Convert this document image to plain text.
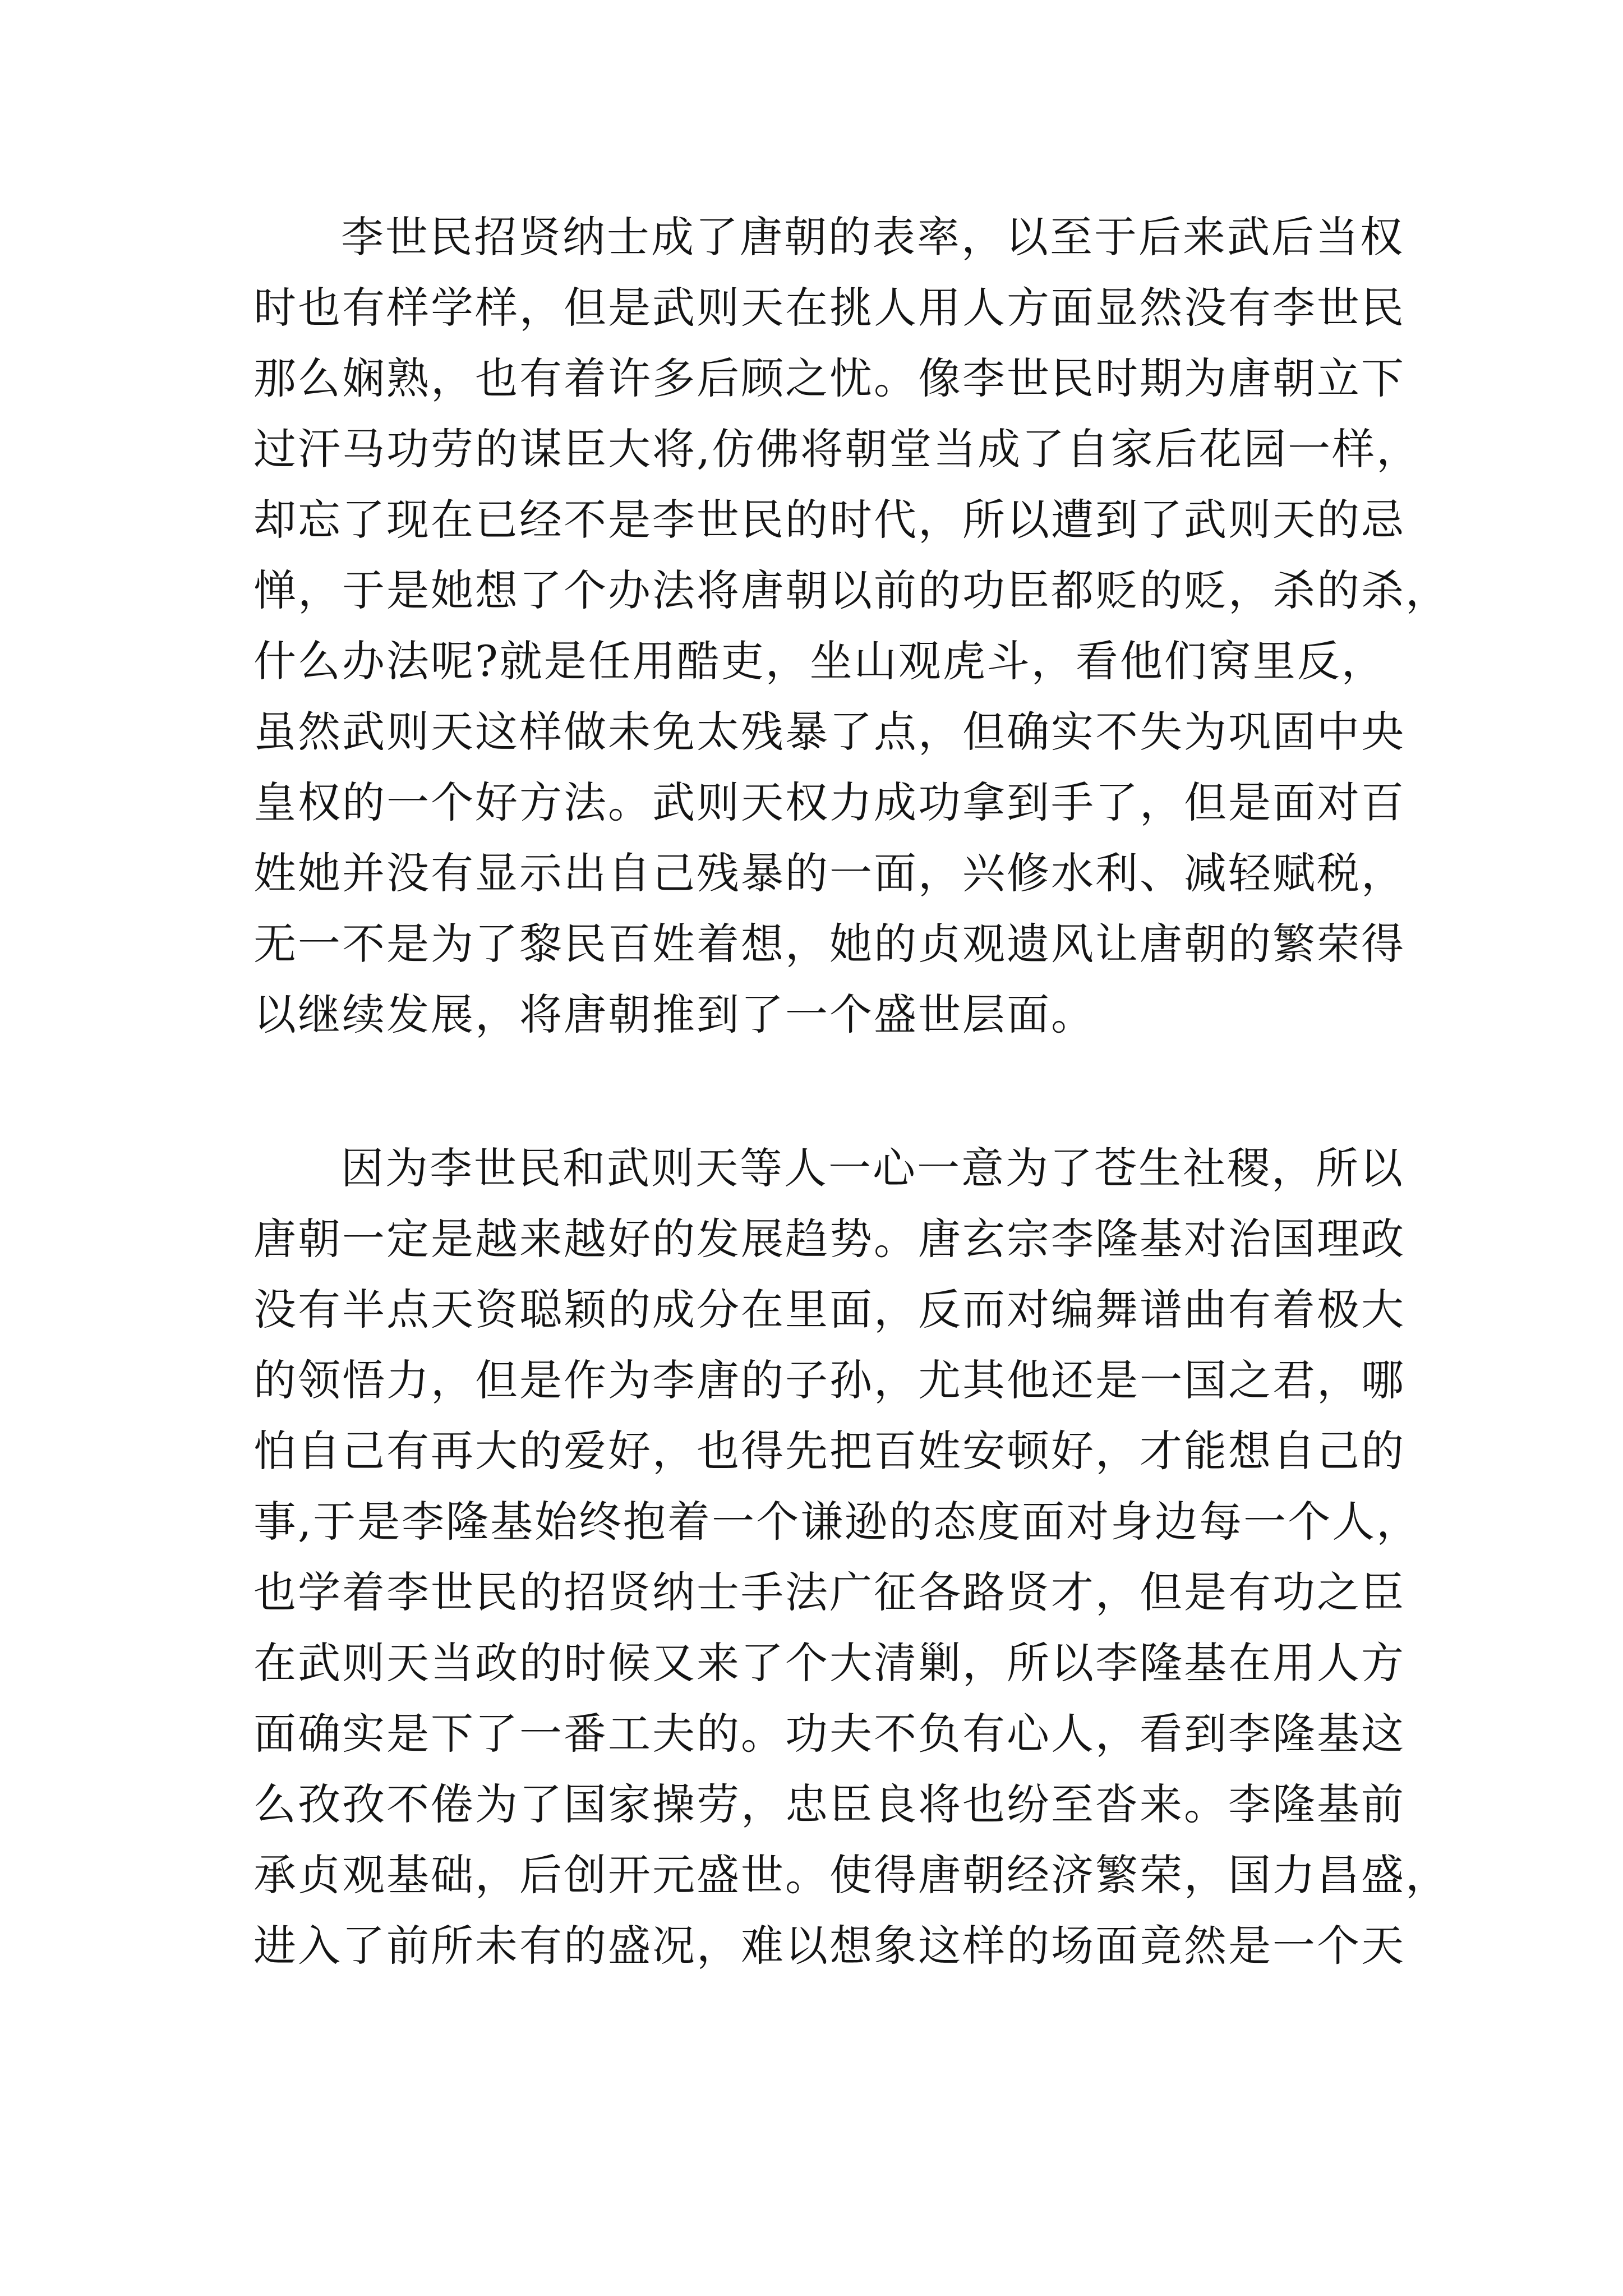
李世民招贤纳士成了唐朝的表率，以至于后来武后当权
时也有样学样，但是武则天在挑人用人方面显然没有李世民
那么娴熟，也有着许多后顾之忧。像李世民时期为唐朝立下
过汗马功劳的谋臣大将,仿佛将朝堂当成了自家后花园一样，
却忘了现在已经不是李世民的时代，所以遭到了武则天的忌
惮，于是她想了个办法将唐朝以前的功臣都贬的贬，杀的杀，
什么办法呢?就是任用酷吏，坐山观虎斗，看他们窝里反，
虽然武则天这样做未免太残暴了点，但确实不失为巩固中央
皇权的一个好方法。武则天权力成功拿到手了，但是面对百
姓她并没有显示出自己残暴的一面，兴修水利、减轻赋税，
无一不是为了黎民百姓着想，她的贞观遗风让唐朝的繁荣得
以继续发展，将唐朝推到了一个盛世层面。

因为李世民和武则天等人一心一意为了苍生社稷，所以
唐朝一定是越来越好的发展趋势。唐玄宗李隆基对治国理政
没有半点天资聪颖的成分在里面，反而对编舞谱曲有着极大
的领悟力，但是作为李唐的子孙，尤其他还是一国之君，哪
怕自己有再大的爱好，也得先把百姓安顿好，才能想自己的
事,于是李隆基始终抱着一个谦逊的态度面对身边每一个人，
也学着李世民的招贤纳士手法广征各路贤才，但是有功之臣
在武则天当政的时候又来了个大清剿，所以李隆基在用人方
面确实是下了一番工夫的。功夫不负有心人，看到李隆基这
么孜孜不倦为了国家操劳，忠臣良将也纷至沓来。李隆基前
承贞观基础，后创开元盛世。使得唐朝经济繁荣，国力昌盛，
进入了前所未有的盛况，难以想象这样的场面竟然是一个天
